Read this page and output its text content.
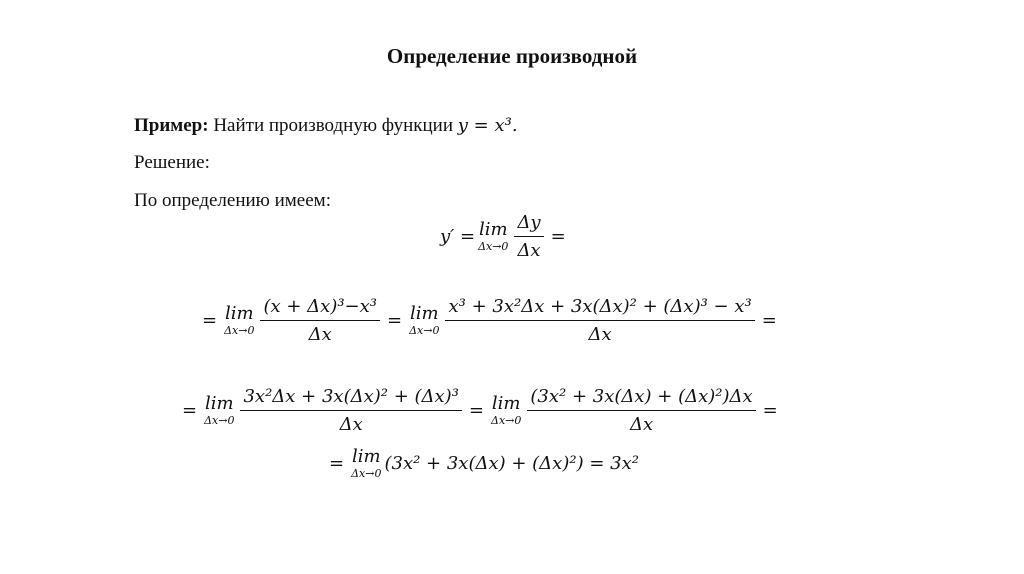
Определение производной
Пример: Найти производную функции y = x³.
Решение:
По определению имеем:
y′ = lim
$\Delta x\to 0 \frac{\Delta y}{\Delta x}$ =
= lim
$\Delta x\to 0 \frac{\text{(x + Δx)³−x³}}{\Delta x} = \lim$
$\Delta x\to 0 \frac{\text{x³ + 3x²Δx + 3x(Δx)² + (Δx)³ − x³}}{\Delta x}$ =
= lim
$\Delta x\to 0 \frac{\text{3x²Δx + 3x(Δx)² + (Δx)³}}{\Delta x} = \lim$
$\Delta x\to 0 \frac{\text{(3x² + 3x(Δx) + (Δx)²)Δx}}{\Delta x}$ =
= lim
Δx→0 (3x² + 3x(Δx) + (Δx)²) = 3x²
